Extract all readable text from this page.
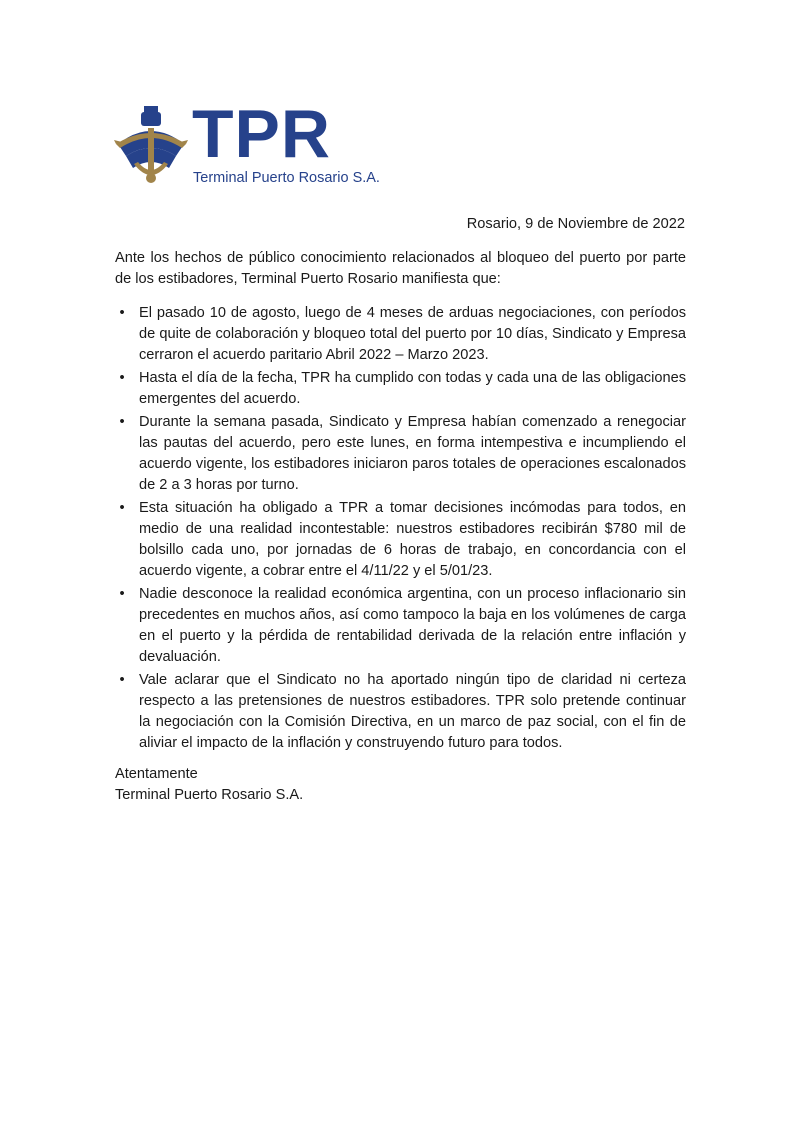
TPR
Terminal Puerto Rosario S.A.
Rosario, 9 de Noviembre de 2022
Ante los hechos de público conocimiento relacionados al bloqueo del puerto por parte de los estibadores, Terminal Puerto Rosario manifiesta que:
• El pasado 10 de agosto, luego de 4 meses de arduas negociaciones, con períodos de quite de colaboración y bloqueo total del puerto por 10 días, Sindicato y Empresa cerraron el acuerdo paritario Abril 2022 – Marzo 2023.
• Hasta el día de la fecha, TPR ha cumplido con todas y cada una de las obligaciones emergentes del acuerdo.
• Durante la semana pasada, Sindicato y Empresa habían comenzado a renegociar las pautas del acuerdo, pero este lunes, en forma intempestiva e incumpliendo el acuerdo vigente, los estibadores iniciaron paros totales de operaciones escalonados de 2 a 3 horas por turno.
• Esta situación ha obligado a TPR a tomar decisiones incómodas para todos, en medio de una realidad incontestable: nuestros estibadores recibirán $780 mil de bolsillo cada uno, por jornadas de 6 horas de trabajo, en concordancia con el acuerdo vigente, a cobrar entre el 4/11/22 y el 5/01/23.
• Nadie desconoce la realidad económica argentina, con un proceso inflacionario sin precedentes en muchos años, así como tampoco la baja en los volúmenes de carga en el puerto y la pérdida de rentabilidad derivada de la relación entre inflación y devaluación.
• Vale aclarar que el Sindicato no ha aportado ningún tipo de claridad ni certeza respecto a las pretensiones de nuestros estibadores. TPR solo pretende continuar la negociación con la Comisión Directiva, en un marco de paz social, con el fin de aliviar el impacto de la inflación y construyendo futuro para todos.
Atentamente
Terminal Puerto Rosario S.A.
